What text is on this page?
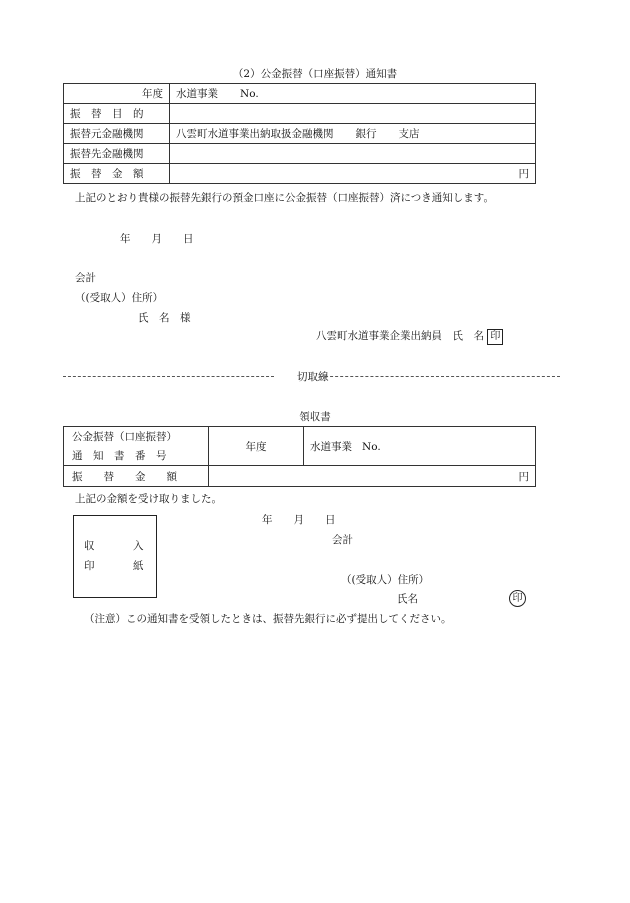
（2）公金振替（口座振替）通知書
年度	水道事業 No.
振　替　目　的	
振替元金融機関	八雲町水道事業出納取扱金融機関 銀行 支店
振替先金融機関	
振　替　金　額	円
上記のとおり貴様の振替先銀行の預金口座に公金振替（口座振替）済につき通知します。
年　　月　　日
会計
（(受取人）住所）
氏　名　様
八雲町水道事業企業出納員　氏　名 印
切取線
領収書
公金振替（口座振替）
通　知　書　番　号	年度	水道事業 No.
振　　替　　金　　額	円	
上記の金額を受け取りました。
収	入
印	紙
年　　月　　日
会計
（(受取人）住所）
氏名	印
（注意）この通知書を受領したときは、振替先銀行に必ず提出してください。
